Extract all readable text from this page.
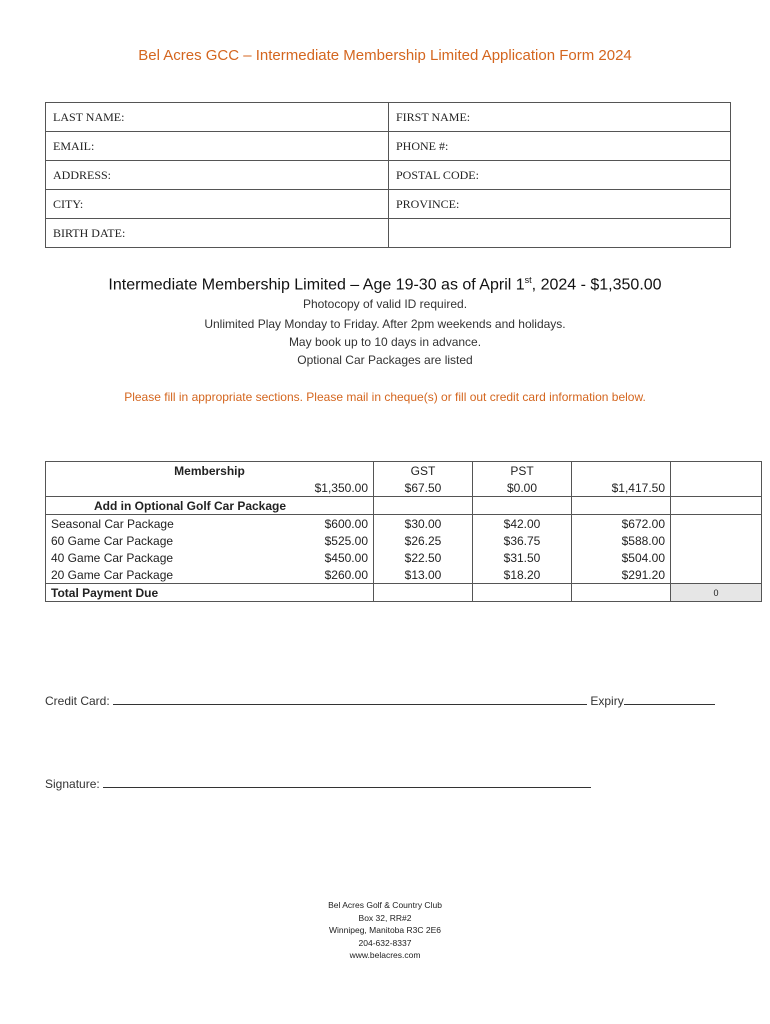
Bel Acres GCC – Intermediate Membership Limited Application Form 2024
LAST NAME:	FIRST NAME:
EMAIL:	PHONE #:
ADDRESS:	POSTAL CODE:
CITY:	PROVINCE:
BIRTH DATE:	
Intermediate Membership Limited – Age 19-30 as of April 1st, 2024 - $1,350.00
Photocopy of valid ID required.
Unlimited Play Monday to Friday. After 2pm weekends and holidays.
May book up to 10 days in advance.
Optional Car Packages are listed
Please fill in appropriate sections. Please mail in cheque(s) or fill out credit card information below.
Membership	GST	PST		
$1,350.00	$67.50	$0.00	$1,417.50	
Add in Optional Golf Car Package				
Seasonal Car Package $600.00	$30.00	$42.00	$672.00	
60 Game Car Package $525.00	$26.25	$36.75	$588.00	
40 Game Car Package $450.00	$22.50	$31.50	$504.00	
20 Game Car Package $260.00	$13.00	$18.20	$291.20	
Total Payment Due				0
Credit Card:	Expiry
Signature:
Bel Acres Golf & Country Club
Box 32, RR#2
Winnipeg, Manitoba R3C 2E6
204-632-8337
www.belacres.com
